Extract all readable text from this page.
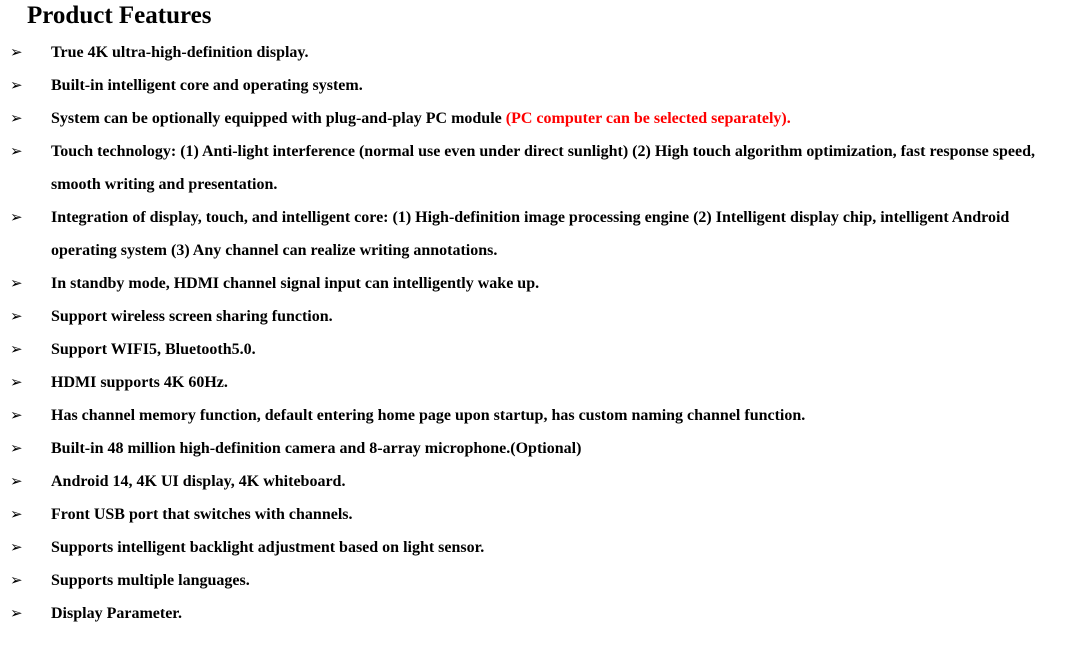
Product Features
➢ True 4K ultra-high-definition display.
➢ Built-in intelligent core and operating system.
➢ System can be optionally equipped with plug-and-play PC module (PC computer can be selected separately).
➢ Touch technology: (1) Anti-light interference (normal use even under direct sunlight) (2) High touch algorithm optimization, fast response speed, smooth writing and presentation.
➢ Integration of display, touch, and intelligent core: (1) High-definition image processing engine (2) Intelligent display chip, intelligent Android operating system (3) Any channel can realize writing annotations.
➢ In standby mode, HDMI channel signal input can intelligently wake up.
➢ Support wireless screen sharing function.
➢ Support WIFI5, Bluetooth5.0.
➢ HDMI supports 4K 60Hz.
➢ Has channel memory function, default entering home page upon startup, has custom naming channel function.
➢ Built-in 48 million high-definition camera and 8-array microphone.(Optional)
➢ Android 14, 4K UI display, 4K whiteboard.
➢ Front USB port that switches with channels.
➢ Supports intelligent backlight adjustment based on light sensor.
➢ Supports multiple languages.
➢ Display Parameter.
